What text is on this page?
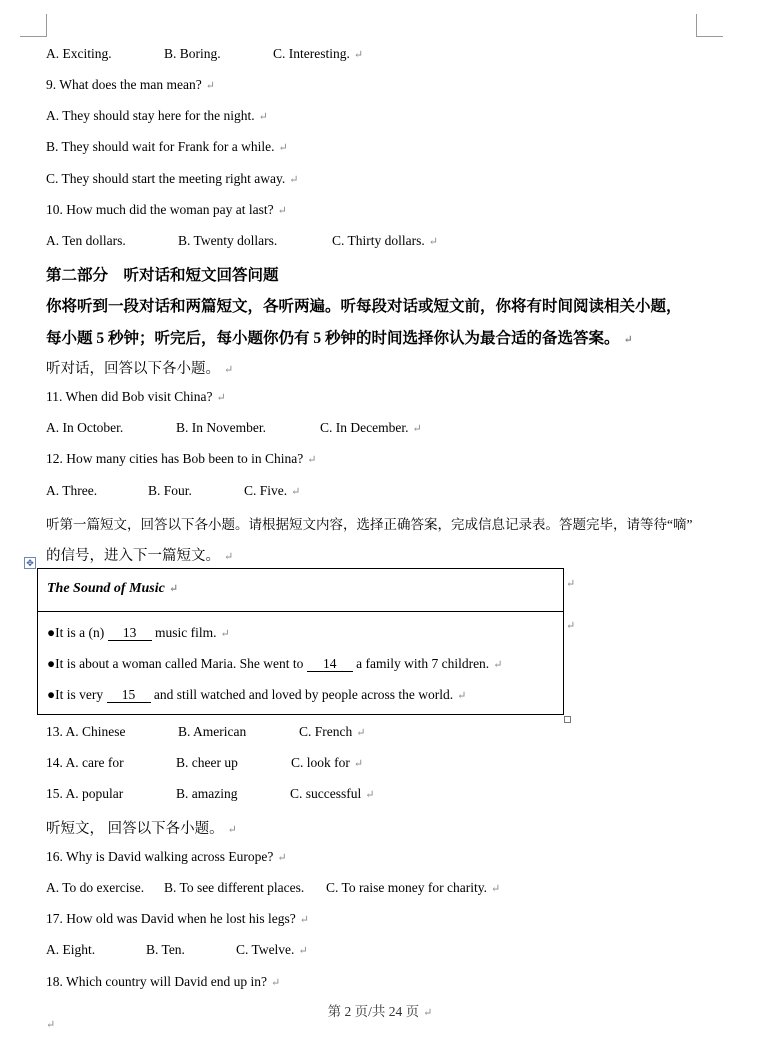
A. Exciting.	B. Boring.	C. Interesting. ↵
9. What does the man mean? ↵
A. They should stay here for the night. ↵
B. They should wait for Frank for a while. ↵
C. They should start the meeting right away. ↵
10. How much did the woman pay at last? ↵
A. Ten dollars.	B. Twenty dollars.	C. Thirty dollars. ↵
第二部分　听对话和短文回答问题
你将听到一段对话和两篇短文，各听两遍。听每段对话或短文前，你将有时间阅读相关小题，
每小题 5 秒钟；听完后，每小题你仍有 5 秒钟的时间选择你认为最合适的备选答案。 ↵
听对话，回答以下各小题。 ↵
11. When did Bob visit China? ↵
A. In October.	B. In November.	C. In December. ↵
12. How many cities has Bob been to in China? ↵
A. Three.	B. Four.	C. Five. ↵
听第一篇短文，回答以下各小题。请根据短文内容，选择正确答案，完成信息记录表。答题完毕，请等待“嘀”
的信号，进入下一篇短文。 ↵
✥
The Sound of Music ↵
●It is a (n) 13 music film. ↵
●It is about a woman called Maria. She went to 14 a family with 7 children. ↵
●It is very 15 and still watched and loved by people across the world. ↵
↵
↵
13. A. Chinese	B. American	C. French ↵
14. A. care for	B. cheer up	C. look for ↵
15. A. popular	B. amazing	C. successful ↵
听短文， 回答以下各小题。 ↵
16. Why is David walking across Europe? ↵
A. To do exercise. B. To see different places. C. To raise money for charity. ↵
17. How old was David when he lost his legs? ↵
A. Eight.	B. Ten.	C. Twelve. ↵
18. Which country will David end up in? ↵
第 2 页/共 24 页 ↵
↵
